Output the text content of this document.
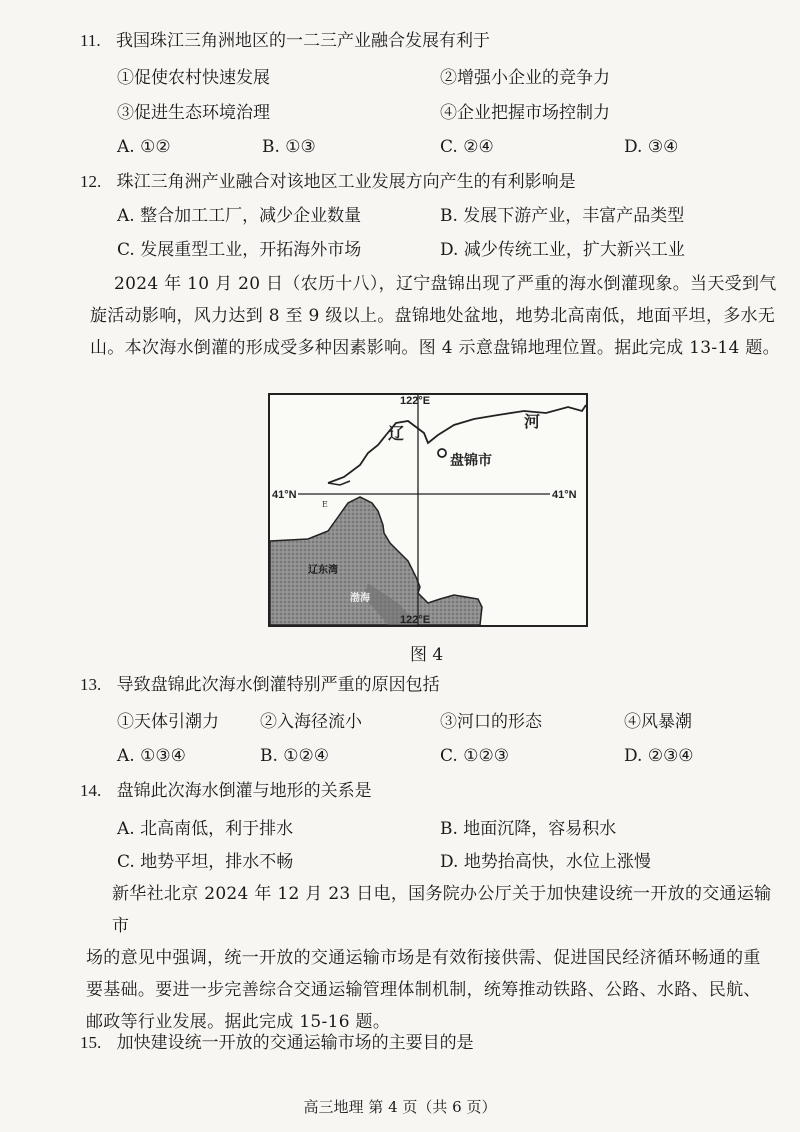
11. 我国珠江三角洲地区的一二三产业融合发展有利于
①促使农村快速发展	②增强小企业的竞争力
③促进生态环境治理	④企业把握市场控制力
A. ①②	B. ①③	C. ②④	D. ③④
12. 珠江三角洲产业融合对该地区工业发展方向产生的有利影响是
A. 整合加工工厂，减少企业数量	B. 发展下游产业，丰富产品类型
C. 发展重型工业，开拓海外市场	D. 减少传统工业，扩大新兴工业
2024 年 10 月 20 日（农历十八），辽宁盘锦出现了严重的海水倒灌现象。当天受到气
旋活动影响，风力达到 8 至 9 级以上。盘锦地处盆地，地势北高南低，地面平坦，多水无
山。本次海水倒灌的形成受多种因素影响。图 4 示意盘锦地理位置。据此完成 13-14 题。
E
122°E
122°E
41°N	41°N
盘锦市
辽
河
辽东湾
渤海
图 4
13. 导致盘锦此次海水倒灌特别严重的原因包括
①天体引潮力 ②入海径流小	③河口的形态	④风暴潮
A. ①③④	B. ①②④	C. ①②③	D. ②③④
14. 盘锦此次海水倒灌与地形的关系是
A. 北高南低，利于排水	B. 地面沉降，容易积水
C. 地势平坦，排水不畅	D. 地势抬高快，水位上涨慢
新华社北京 2024 年 12 月 23 日电，国务院办公厅关于加快建设统一开放的交通运输市
场的意见中强调，统一开放的交通运输市场是有效衔接供需、促进国民经济循环畅通的重
要基础。要进一步完善综合交通运输管理体制机制，统筹推动铁路、公路、水路、民航、
邮政等行业发展。据此完成 15-16 题。
15. 加快建设统一开放的交通运输市场的主要目的是
高三地理 第 4 页（共 6 页）
